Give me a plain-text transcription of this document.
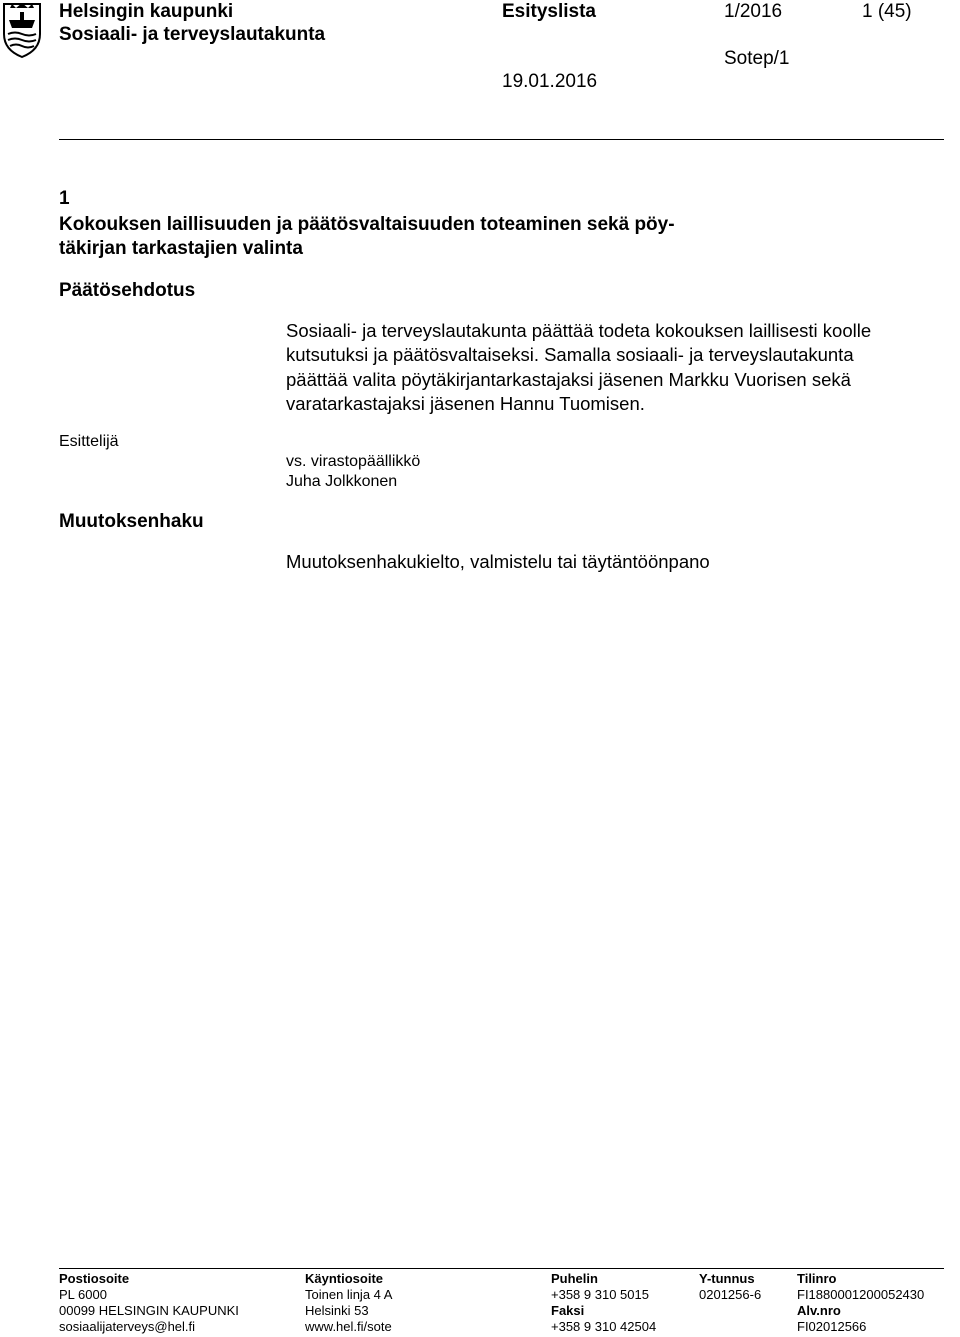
Helsingin kaupunki
Sosiaali- ja terveyslautakunta
Esityslista	1/2016	1 (45)
Sotep/1
19.01.2016
1
Kokouksen laillisuuden ja päätösvaltaisuuden toteaminen sekä pöy-
täkirjan tarkastajien valinta
Päätösehdotus
Sosiaali- ja terveyslautakunta päättää todeta kokouksen laillisesti koolle
kutsutuksi ja päätösvaltaiseksi. Samalla sosiaali- ja terveyslautakunta
päättää valita pöytäkirjantarkastajaksi jäsenen Markku Vuorisen sekä
varatarkastajaksi jäsenen Hannu Tuomisen.
Esittelijä
vs. virastopäällikkö
Juha Jolkkonen
Muutoksenhaku
Muutoksenhakukielto, valmistelu tai täytäntöönpano
Postiosoite
PL 6000
00099 HELSINGIN KAUPUNKI
sosiaalijaterveys@hel.fi
Käyntiosoite
Toinen linja 4 A
Helsinki 53
www.hel.fi/sote
Puhelin
+358 9 310 5015
Faksi
+358 9 310 42504
Y-tunnus
0201256-6
Tilinro
FI1880001200052430
Alv.nro
FI02012566
